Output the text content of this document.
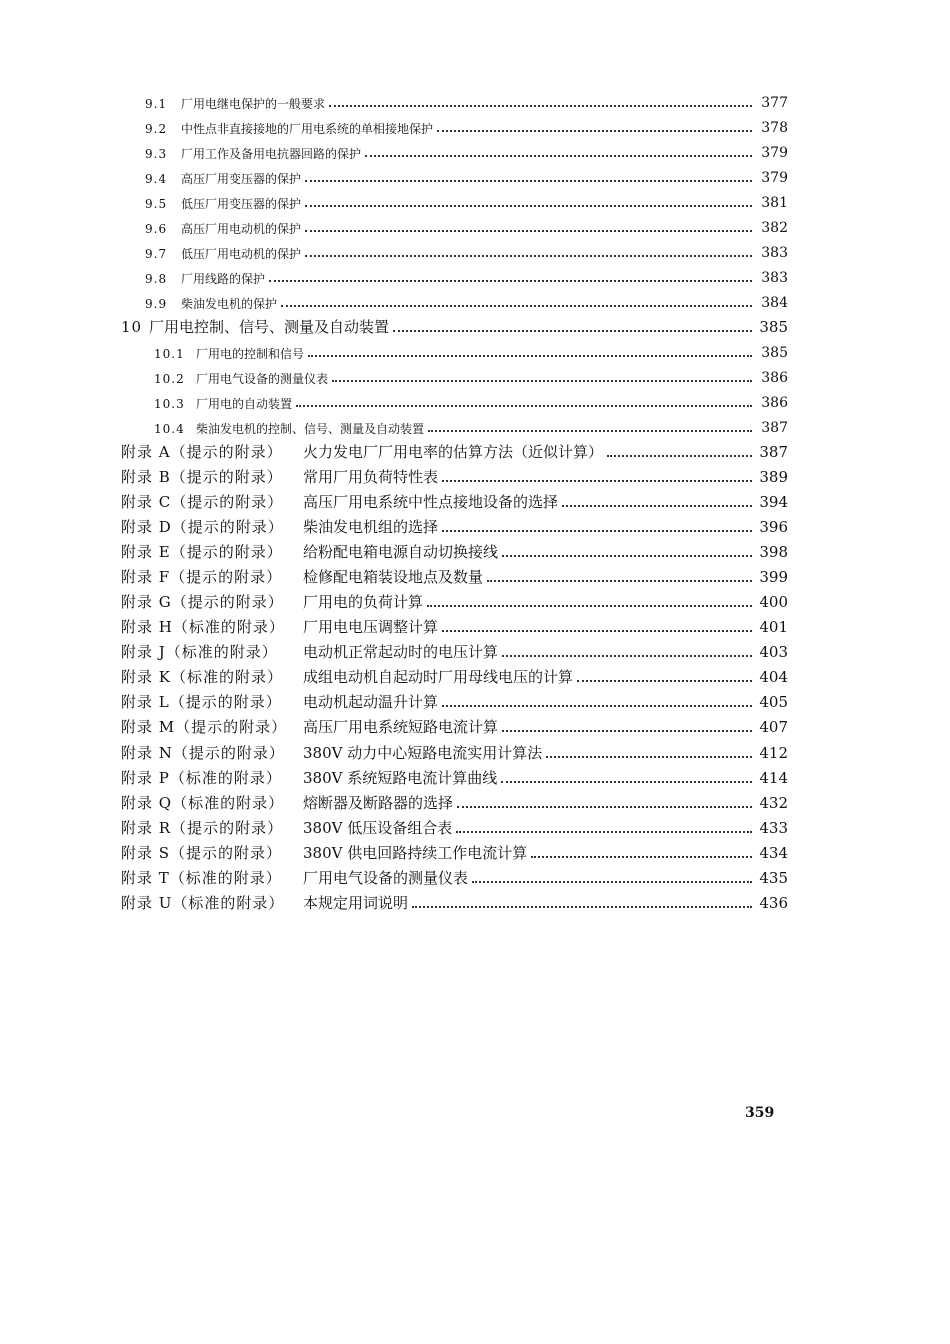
9.1	厂用电继电保护的一般要求	377
9.2	中性点非直接接地的厂用电系统的单相接地保护	378
9.3	厂用工作及备用电抗器回路的保护	379
9.4	高压厂用变压器的保护	379
9.5	低压厂用变压器的保护	381
9.6	高压厂用电动机的保护	382
9.7	低压厂用电动机的保护	383
9.8	厂用线路的保护	383
9.9	柴油发电机的保护	384
10 厂用电控制、信号、测量及自动装置	385
10.1 厂用电的控制和信号	385
10.2 厂用电气设备的测量仪表	386
10.3 厂用电的自动装置	386
10.4 柴油发电机的控制、信号、测量及自动装置	387
附录 A（提示的附录）	火力发电厂厂用电率的估算方法（近似计算）	387
附录 B（提示的附录）	常用厂用负荷特性表	389
附录 C（提示的附录）	高压厂用电系统中性点接地设备的选择	394
附录 D（提示的附录）	柴油发电机组的选择	396
附录 E（提示的附录）	给粉配电箱电源自动切换接线	398
附录 F（提示的附录）	检修配电箱装设地点及数量	399
附录 G（提示的附录）	厂用电的负荷计算	400
附录 H（标准的附录）	厂用电电压调整计算	401
附录 J（标准的附录）	电动机正常起动时的电压计算	403
附录 K（标准的附录）	成组电动机自起动时厂用母线电压的计算	404
附录 L（提示的附录）	电动机起动温升计算	405
附录 M（提示的附录）	高压厂用电系统短路电流计算	407
附录 N（提示的附录）	380V 动力中心短路电流实用计算法	412
附录 P（标准的附录）	380V 系统短路电流计算曲线	414
附录 Q（标准的附录）	熔断器及断路器的选择	432
附录 R（提示的附录）	380V 低压设备组合表	433
附录 S（提示的附录）	380V 供电回路持续工作电流计算	434
附录 T（标准的附录）	厂用电气设备的测量仪表	435
附录 U（标准的附录）	本规定用词说明	436
359
